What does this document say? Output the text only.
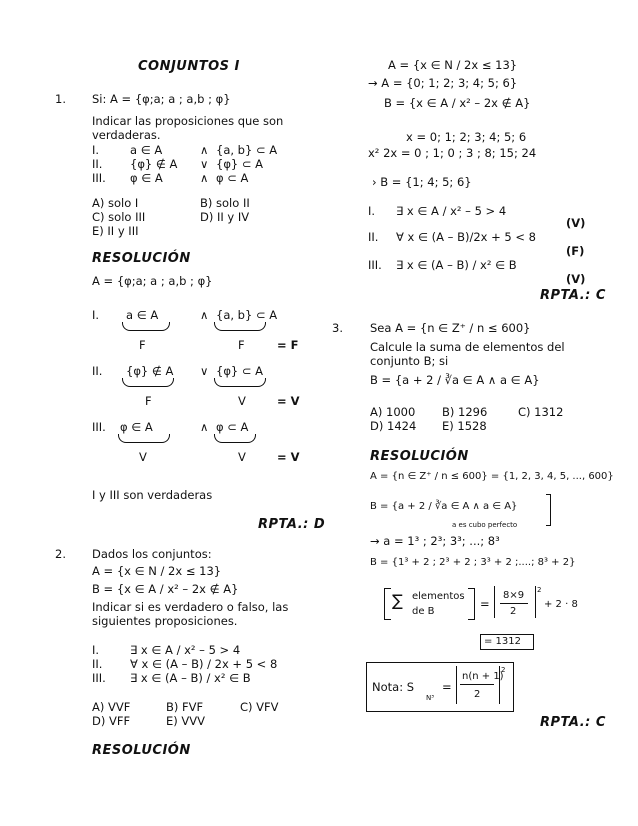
CONJUNTOS I
1. Si: A = {φ;a; a ; a,b ; φ}
Indicar las proposiciones que son
verdaderas.
I.	a ∈ A	∧ {a, b} ⊂ A
II. {φ} ∉ A ∨ {φ} ⊂ A
III. φ ∈ A	∧ φ ⊂ A
A) solo I	B) solo II
C) solo III	D) II y IV
E) II y III
RESOLUCIÓN
A = {φ;a; a ; a,b ; φ}
I. a ∈ A	∧ {a, b} ⊂ A
F	F	= F
II. {φ} ∉ A ∨ {φ} ⊂ A
F	V	= V
III. φ ∈ A	∧ φ ⊂ A
V	V	= V
I y III son verdaderas
RPTA.: D
2. Dados los conjuntos:
A = {x ∈ N / 2x ≤ 13}
B = {x ∈ A / x² – 2x ∉ A}
Indicar si es verdadero o falso, las
siguientes proposiciones.
I.	∃ x ∈ A / x² – 5 > 4
II. ∀ x ∈ (A – B) / 2x + 5 < 8
III. ∃ x ∈ (A – B) / x² ∈ B
A) VVF	B) FVF	C) VFV
D) VFF	E) VVV
RESOLUCIÓN
A = {x ∈ N / 2x ≤ 13}
→ A = {0; 1; 2; 3; 4; 5; 6}
B = {x ∈ A / x² – 2x ∉ A}
x = 0; 1; 2; 3; 4; 5; 6
x² 2x = 0 ; 1; 0 ; 3 ; 8; 15; 24
› B = {1; 4; 5; 6}
I. ∃ x ∈ A / x² – 5 > 4
(V)
II. ∀ x ∈ (A – B)/2x + 5 < 8
(F)
III. ∃ x ∈ (A – B) / x² ∈ B
(V)
RPTA.: C
3. Sea A = {n ∈ Z⁺ / n ≤ 600}
Calcule la suma de elementos del
conjunto B; si
B = {a + 2 / ∛a ∈ A ∧ a ∈ A}
A) 1000 B) 1296	C) 1312
D) 1424 E) 1528
RESOLUCIÓN
A = {n ∈ Z⁺ / n ≤ 600} = {1, 2, 3, 4, 5, ..., 600}
B = {a + 2 / ∛a ∈ A ∧ a ∈ A}
a es cubo perfecto
→ a = 1³ ; 2³; 3³; ...; 8³
B = {1³ + 2 ; 2³ + 2 ; 3³ + 2 ;....; 8³ + 2}
∑ elementos
de B
=
8×9
2
2
+ 2 · 8
= 1312
Nota: S
N³
=
n(n + 1)
2
2
RPTA.: C
